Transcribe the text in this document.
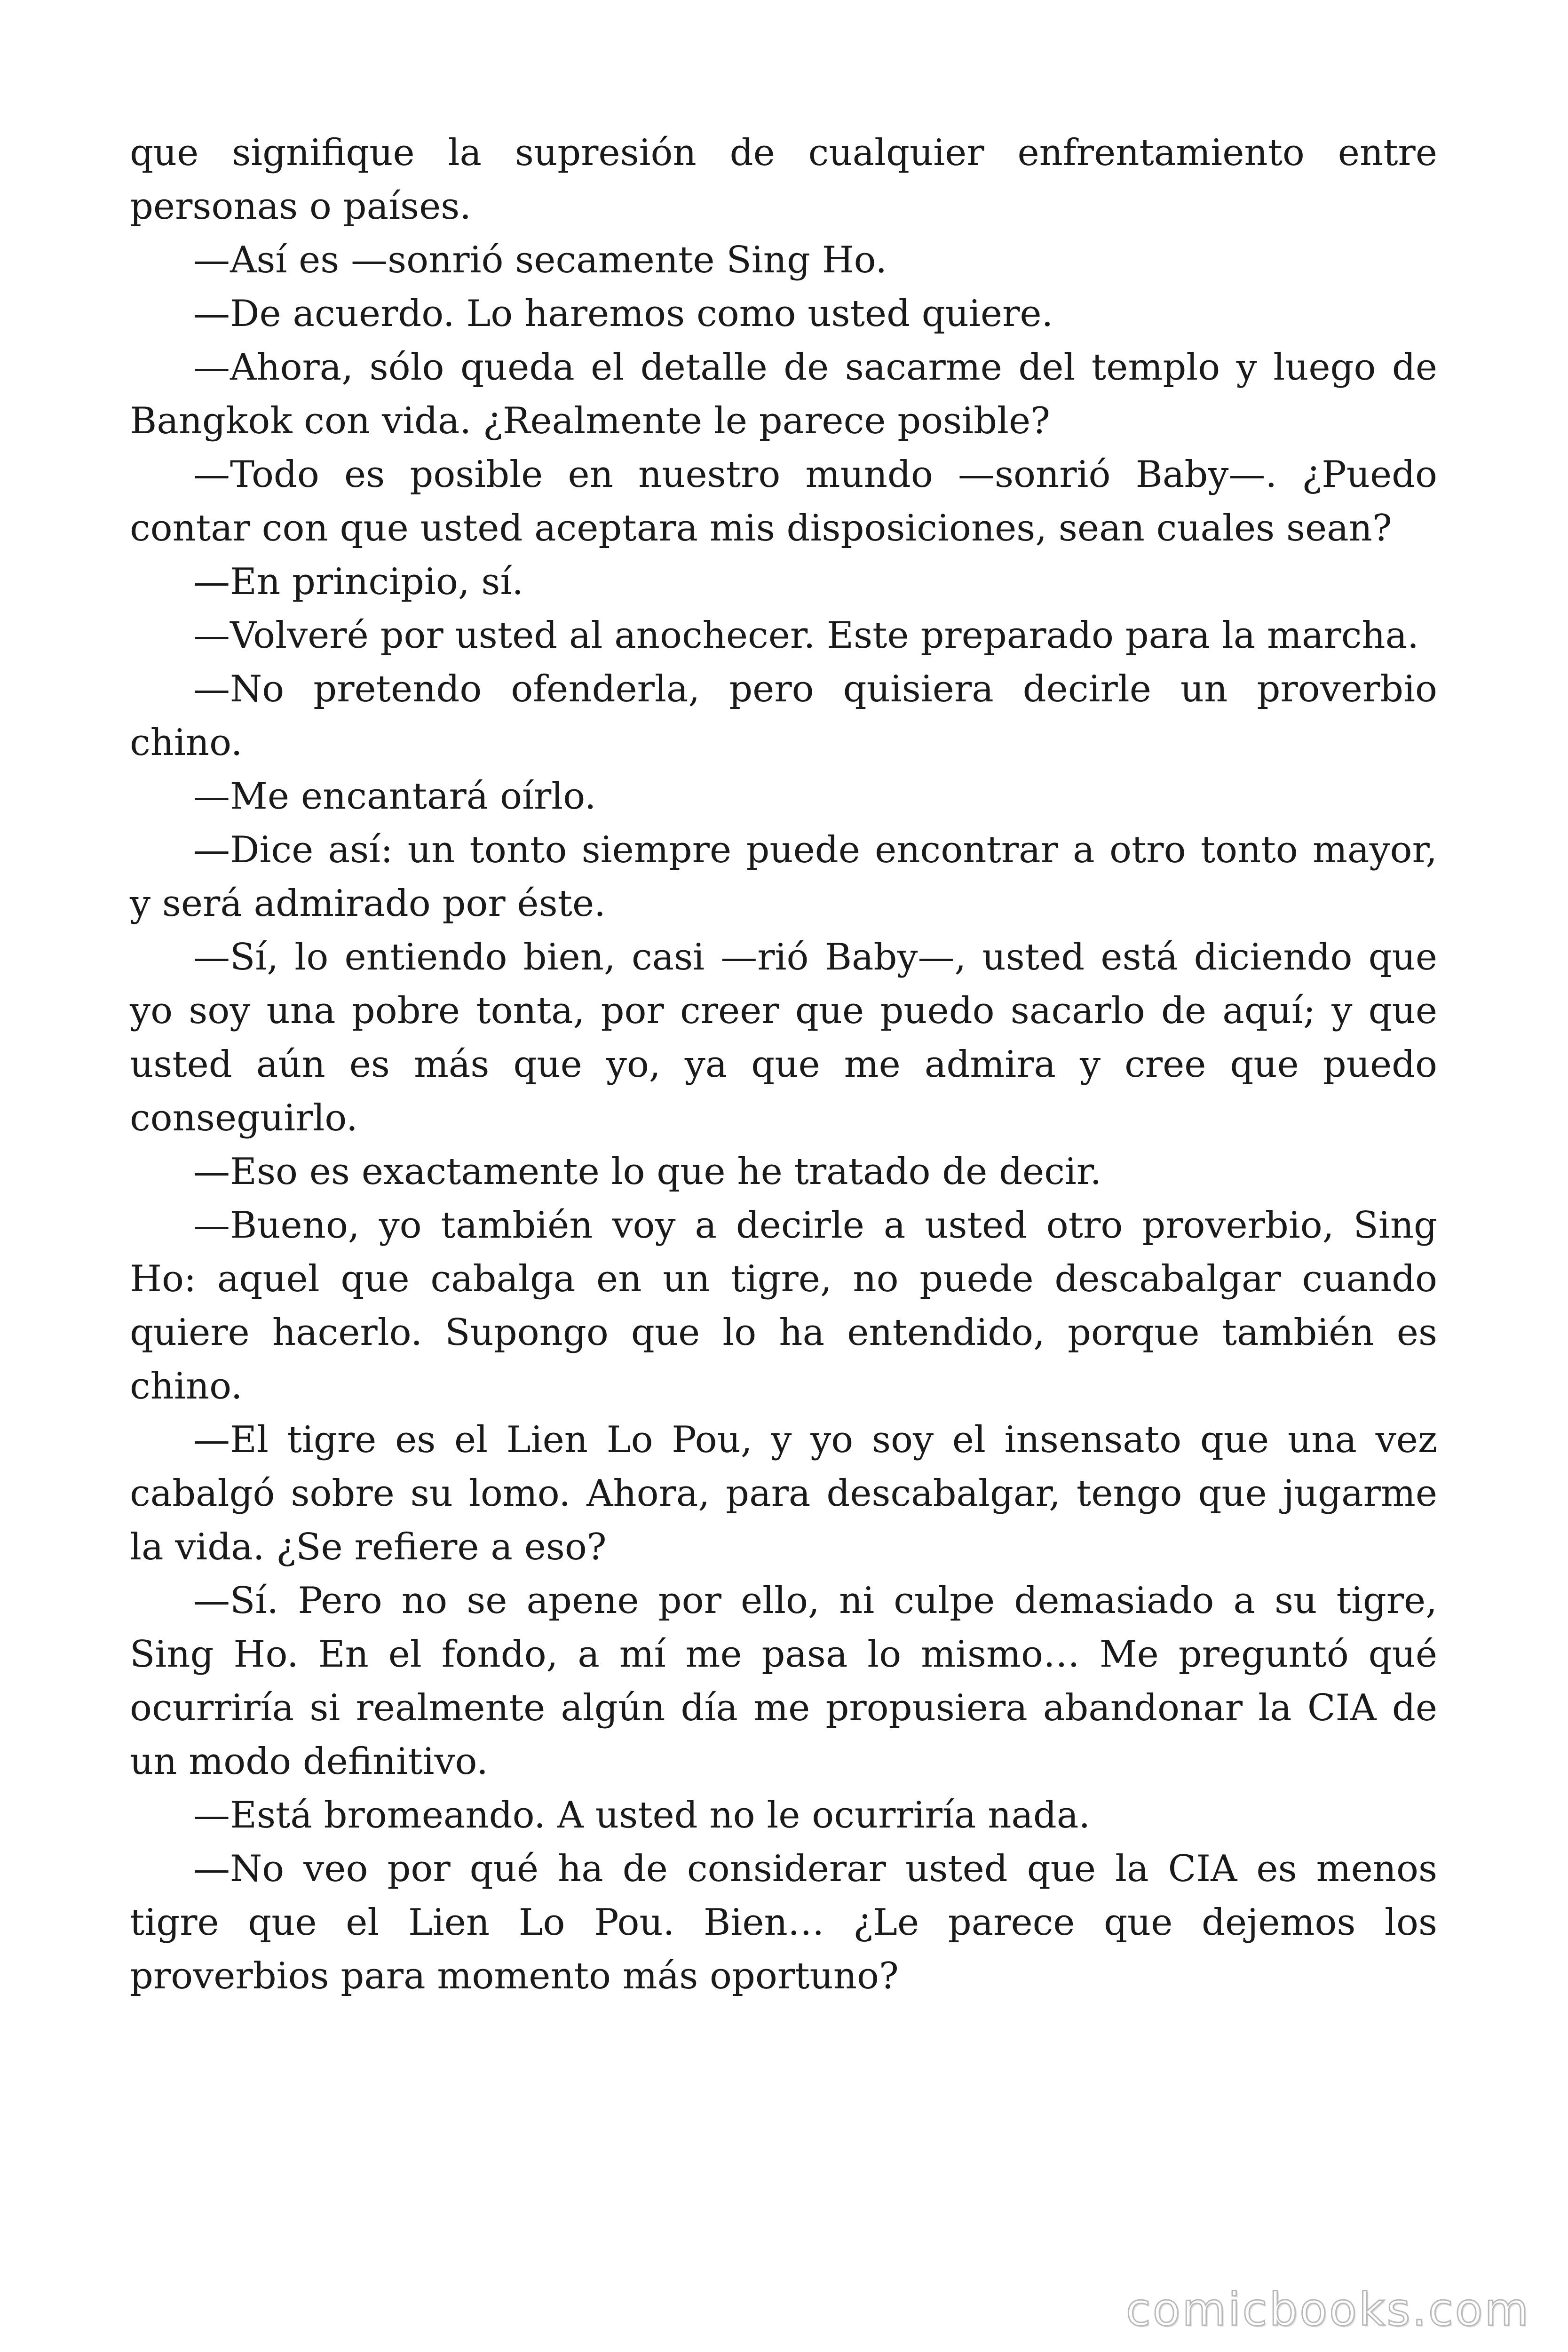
que signifique la supresión de cualquier enfrentamiento entre personas o países.

—Así es —sonrió secamente Sing Ho.

—De acuerdo. Lo haremos como usted quiere.

—Ahora, sólo queda el detalle de sacarme del templo y luego de Bangkok con vida. ¿Realmente le parece posible?

—Todo es posible en nuestro mundo —sonrió Baby—. ¿Puedo contar con que usted aceptara mis disposiciones, sean cuales sean?

—En principio, sí.

—Volveré por usted al anochecer. Este preparado para la marcha.

—No pretendo ofenderla, pero quisiera decirle un proverbio chino.

—Me encantará oírlo.

—Dice así: un tonto siempre puede encontrar a otro tonto mayor, y será admirado por éste.

—Sí, lo entiendo bien, casi —rió Baby—, usted está diciendo que yo soy una pobre tonta, por creer que puedo sacarlo de aquí; y que usted aún es más que yo, ya que me admira y cree que puedo conseguirlo.

—Eso es exactamente lo que he tratado de decir.

—Bueno, yo también voy a decirle a usted otro proverbio, Sing Ho: aquel que cabalga en un tigre, no puede descabalgar cuando quiere hacerlo. Supongo que lo ha entendido, porque también es chino.

—El tigre es el Lien Lo Pou, y yo soy el insensato que una vez cabalgó sobre su lomo. Ahora, para descabalgar, tengo que jugarme la vida. ¿Se refiere a eso?

—Sí. Pero no se apene por ello, ni culpe demasiado a su tigre, Sing Ho. En el fondo, a mí me pasa lo mismo… Me preguntó qué ocurriría si realmente algún día me propusiera abandonar la CIA de un modo definitivo.

—Está bromeando. A usted no le ocurriría nada.

—No veo por qué ha de considerar usted que la CIA es menos tigre que el Lien Lo Pou. Bien… ¿Le parece que dejemos los proverbios para momento más oportuno?

comicbooks.com
